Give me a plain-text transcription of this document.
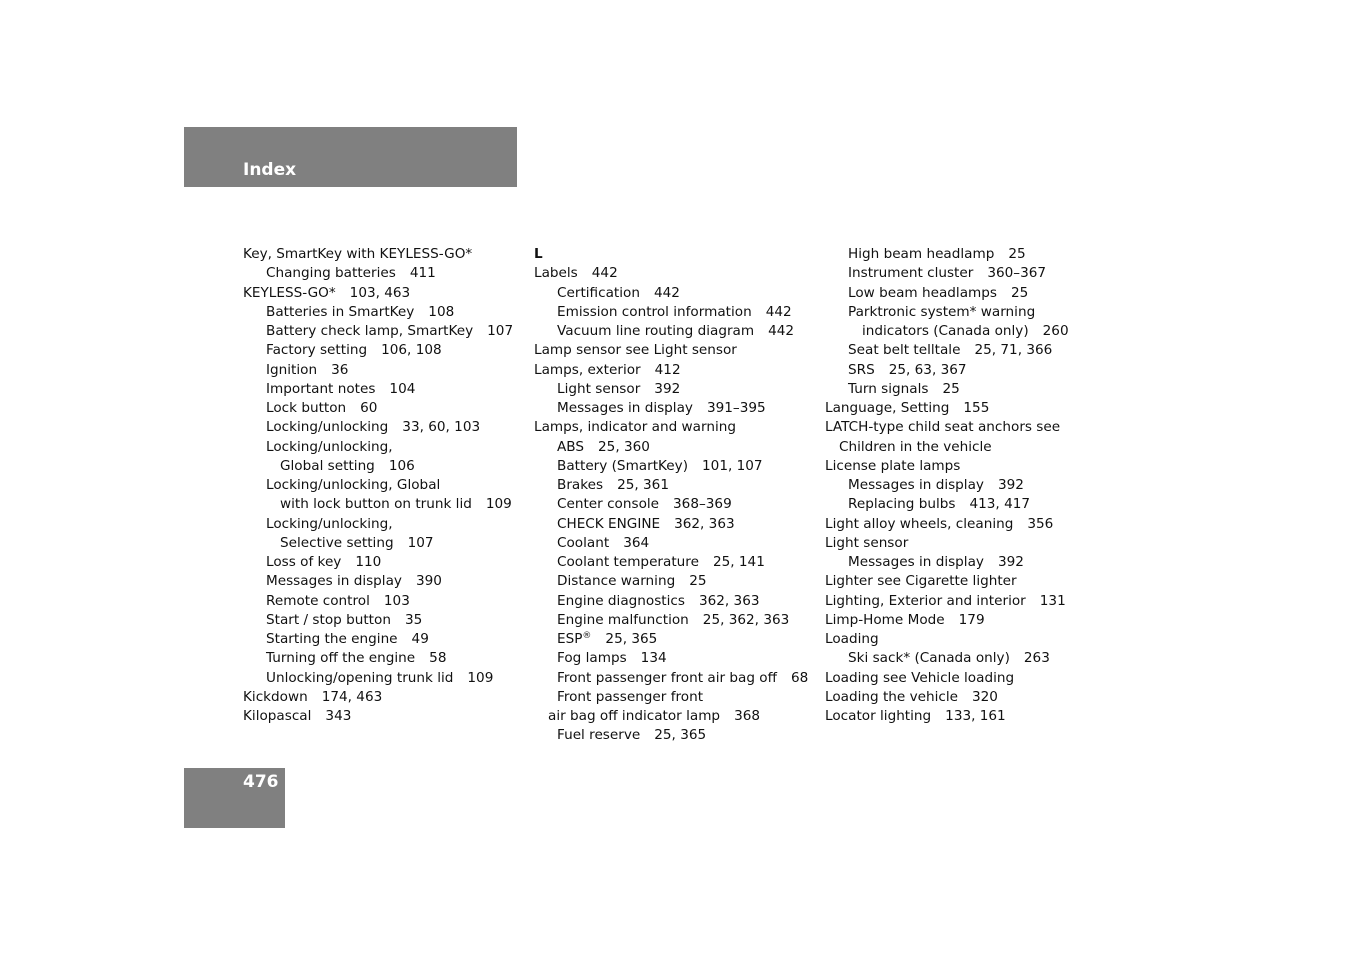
Index
Key, SmartKey with KEYLESS-GO*
Changing batteries 411
KEYLESS-GO* 103, 463
Batteries in SmartKey 108
Battery check lamp, SmartKey 107
Factory setting 106, 108
Ignition 36
Important notes 104
Lock button 60
Locking/unlocking 33, 60, 103
Locking/unlocking,
Global setting 106
Locking/unlocking, Global
with lock button on trunk lid 109
Locking/unlocking,
Selective setting 107
Loss of key 110
Messages in display 390
Remote control 103
Start / stop button 35
Starting the engine 49
Turning off the engine 58
Unlocking/opening trunk lid 109
Kickdown 174, 463
Kilopascal 343
L
Labels 442
Certification 442
Emission control information 442
Vacuum line routing diagram 442
Lamp sensor see Light sensor
Lamps, exterior 412
Light sensor 392
Messages in display 391–395
Lamps, indicator and warning
ABS 25, 360
Battery (SmartKey) 101, 107
Brakes 25, 361
Center console 368–369
CHECK ENGINE 362, 363
Coolant 364
Coolant temperature 25, 141
Distance warning 25
Engine diagnostics 362, 363
Engine malfunction 25, 362, 363
ESP® 25, 365
Fog lamps 134
Front passenger front air bag off 68
Front passenger front
air bag off indicator lamp 368
Fuel reserve 25, 365
High beam headlamp 25
Instrument cluster 360–367
Low beam headlamps 25
Parktronic system* warning
indicators (Canada only) 260
Seat belt telltale 25, 71, 366
SRS 25, 63, 367
Turn signals 25
Language, Setting 155
LATCH-type child seat anchors see
Children in the vehicle
License plate lamps
Messages in display 392
Replacing bulbs 413, 417
Light alloy wheels, cleaning 356
Light sensor
Messages in display 392
Lighter see Cigarette lighter
Lighting, Exterior and interior 131
Limp-Home Mode 179
Loading
Ski sack* (Canada only) 263
Loading see Vehicle loading
Loading the vehicle 320
Locator lighting 133, 161
476
